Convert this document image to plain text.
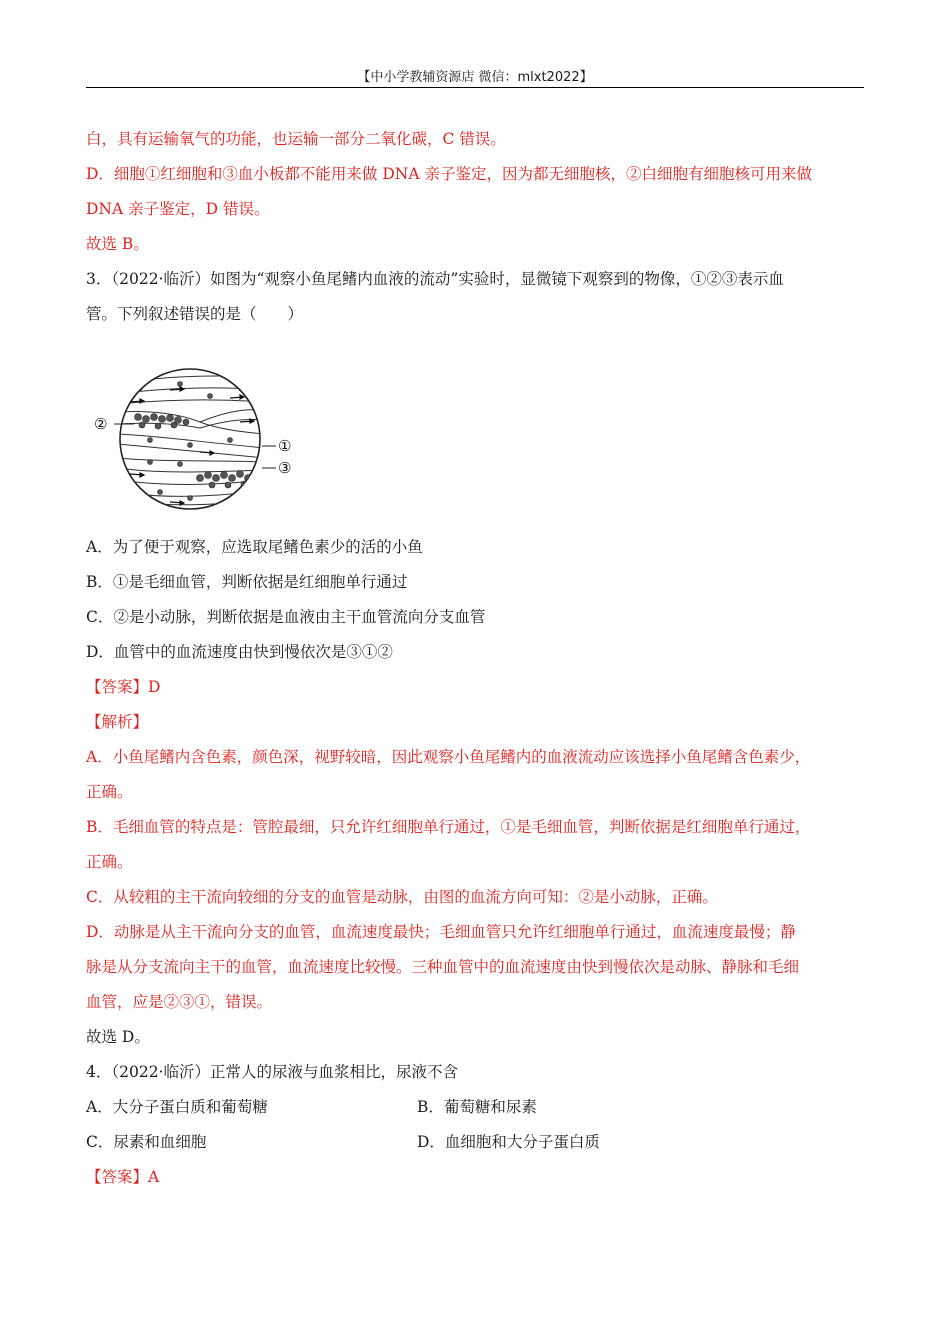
【中小学教辅资源店 微信：mlxt2022】
白，具有运输氧气的功能，也运输一部分二氧化碳，C 错误。
D．细胞①红细胞和③血小板都不能用来做 DNA 亲子鉴定，因为都无细胞核，②白细胞有细胞核可用来做
DNA 亲子鉴定，D 错误。
故选 B。
3．（2022·临沂）如图为“观察小鱼尾鳍内血液的流动”实验时，显微镜下观察到的物像，①②③表示血
管。下列叙述错误的是（　　）
②
①
③
A．为了便于观察，应选取尾鳍色素少的活的小鱼
B．①是毛细血管，判断依据是红细胞单行通过
C．②是小动脉，判断依据是血液由主干血管流向分支血管
D．血管中的血流速度由快到慢依次是③①②
【答案】D
【解析】
A．小鱼尾鳍内含色素，颜色深，视野较暗，因此观察小鱼尾鳍内的血液流动应该选择小鱼尾鳍含色素少，
正确。
B．毛细血管的特点是：管腔最细，只允许红细胞单行通过，①是毛细血管，判断依据是红细胞单行通过，
正确。
C．从较粗的主干流向较细的分支的血管是动脉，由图的血流方向可知：②是小动脉，正确。
D．动脉是从主干流向分支的血管，血流速度最快；毛细血管只允许红细胞单行通过，血流速度最慢；静
脉是从分支流向主干的血管，血流速度比较慢。三种血管中的血流速度由快到慢依次是动脉、静脉和毛细
血管，应是②③①，错误。
故选 D。
4．（2022·临沂）正常人的尿液与血浆相比，尿液不含
A．大分子蛋白质和葡萄糖	B．葡萄糖和尿素
C．尿素和血细胞	D．血细胞和大分子蛋白质
【答案】A
